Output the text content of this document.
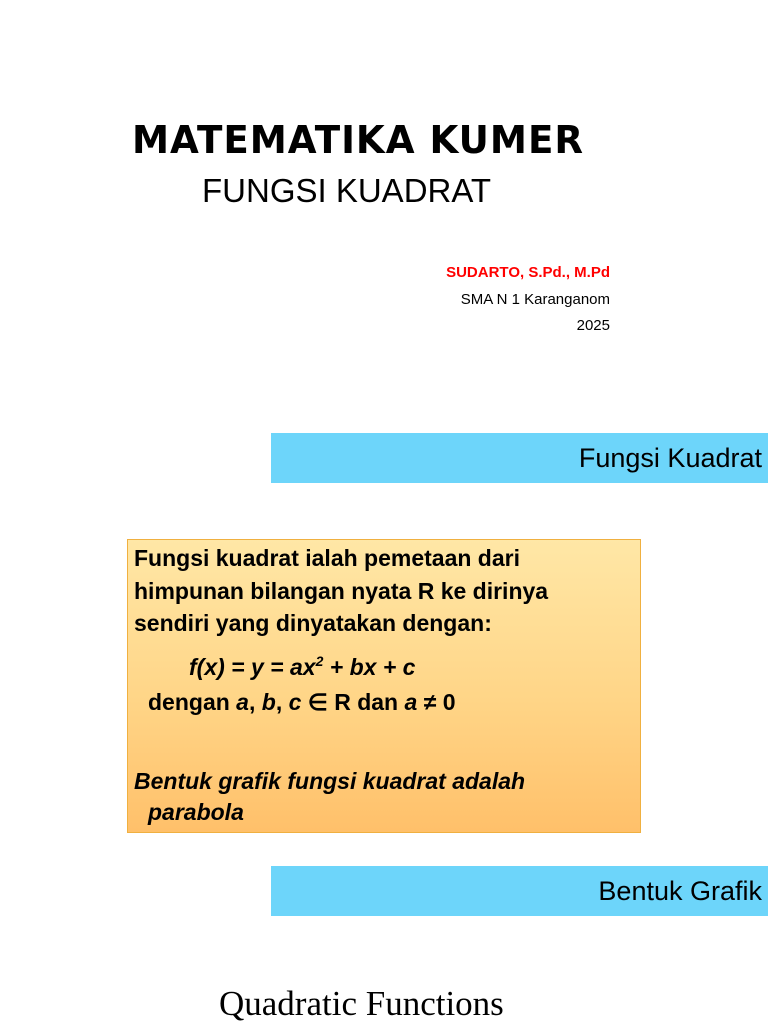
MATEMATIKA KUMER
FUNGSI KUADRAT
SUDARTO, S.Pd., M.Pd
SMA N 1 Karanganom
2025
Fungsi Kuadrat
Fungsi kuadrat ialah pemetaan dari
himpunan bilangan nyata R ke dirinya
sendiri yang dinyatakan dengan:
$f(x) = y = ax^2$ + bx + c
dengan a, b, c ∈ R dan a ≠ 0
Bentuk grafik fungsi kuadrat adalah
parabola
Bentuk Grafik
Quadratic Functions
